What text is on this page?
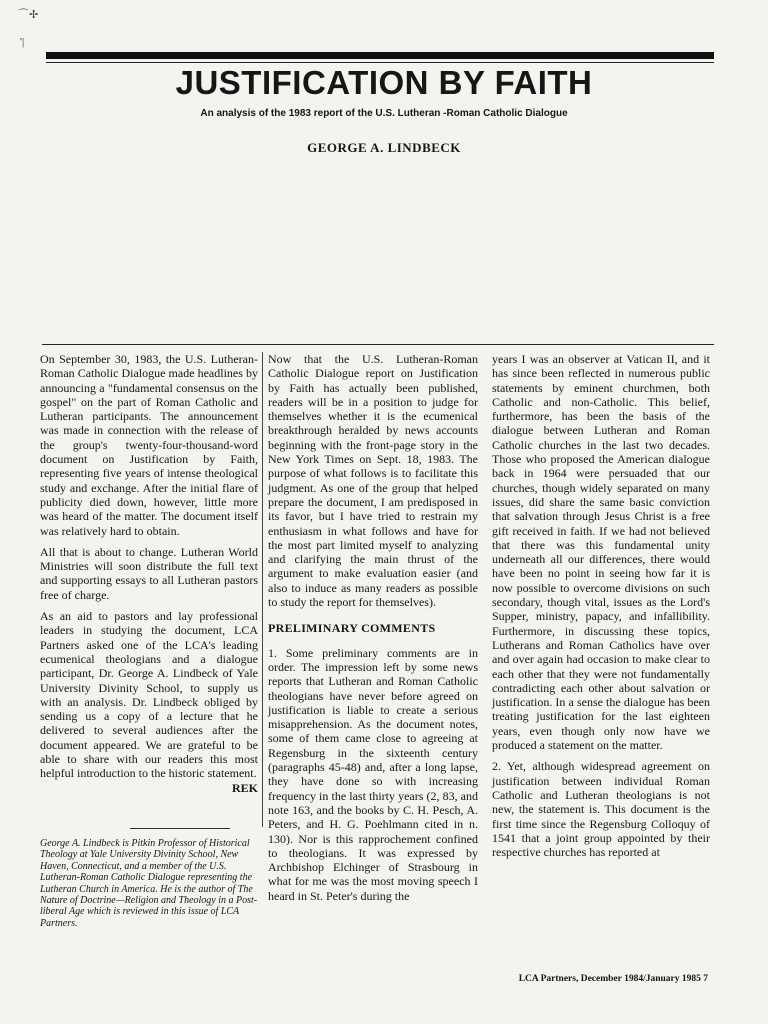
⌒✢
'|
JUSTIFICATION BY FAITH

An analysis of the 1983 report of the U.S. Lutheran -Roman Catholic Dialogue

GEORGE A. LINDBECK

On September 30, 1983, the U.S. Lutheran-Roman Catholic Dialogue made headlines by announcing a "fundamental consensus on the gospel" on the part of Roman Catholic and Lutheran participants. The announcement was made in connection with the release of the group's twenty-four-thousand-word document on Justification by Faith, representing five years of intense theological study and exchange. After the initial flare of publicity died down, however, little more was heard of the matter. The document itself was relatively hard to obtain.

All that is about to change. Lutheran World Ministries will soon distribute the full text and supporting essays to all Lutheran pastors free of charge.

As an aid to pastors and lay professional leaders in studying the document, LCA Partners asked one of the LCA's leading ecumenical theologians and a dialogue participant, Dr. George A. Lindbeck of Yale University Divinity School, to supply us with an analysis. Dr. Lindbeck obliged by sending us a copy of a lecture that he delivered to several audiences after the document appeared. We are grateful to be able to share with our readers this most helpful introduction to the historic statement.

REK

George A. Lindbeck is Pitkin Professor of Historical Theology at Yale University Divinity School, New Haven, Connecticut, and a member of the U.S. Lutheran-Roman Catholic Dialogue representing the Lutheran Church in America. He is the author of The Nature of Doctrine—Religion and Theology in a Post-liberal Age which is reviewed in this issue of LCA Partners.

Now that the U.S. Lutheran-Roman Catholic Dialogue report on Justification by Faith has actually been published, readers will be in a position to judge for themselves whether it is the ecumenical breakthrough heralded by news accounts beginning with the front-page story in the New York Times on Sept. 18, 1983. The purpose of what follows is to facilitate this judgment. As one of the group that helped prepare the document, I am predisposed in its favor, but I have tried to restrain my enthusiasm in what follows and have for the most part limited myself to analyzing and clarifying the main thrust of the argument to make evaluation easier (and also to induce as many readers as possible to study the report for themselves).

PRELIMINARY COMMENTS

1. Some preliminary comments are in order. The impression left by some news reports that Lutheran and Roman Catholic theologians have never before agreed on justification is liable to create a serious misapprehension. As the document notes, some of them came close to agreeing at Regensburg in the sixteenth century (paragraphs 45-48) and, after a long lapse, they have done so with increasing frequency in the last thirty years (2, 83, and note 163, and the books by C. H. Pesch, A. Peters, and H. G. Poehlmann cited in n. 130). Nor is this rapprochement confined to theologians. It was expressed by Archbishop Elchinger of Strasbourg in what for me was the most moving speech I heard in St. Peter's during the

years I was an observer at Vatican II, and it has since been reflected in numerous public statements by eminent churchmen, both Catholic and non-Catholic. This belief, furthermore, has been the basis of the dialogue between Lutheran and Roman Catholic churches in the last two decades. Those who proposed the American dialogue back in 1964 were persuaded that our churches, though widely separated on many issues, did share the same basic conviction that salvation through Jesus Christ is a free gift received in faith. If we had not believed that there was this fundamental unity underneath all our differences, there would have been no point in seeing how far it is now possible to overcome divisions on such secondary, though vital, issues as the Lord's Supper, ministry, papacy, and infallibility. Furthermore, in discussing these topics, Lutherans and Roman Catholics have over and over again had occasion to make clear to each other that they were not fundamentally contradicting each other about salvation or justification. In a sense the dialogue has been treating justification for the last eighteen years, even though only now have we produced a statement on the matter.

2. Yet, although widespread agreement on justification between individual Roman Catholic and Lutheran theologians is not new, the statement is. This document is the first time since the Regensburg Colloquy of 1541 that a joint group appointed by their respective churches has reported at

LCA Partners, December 1984/January 1985 7
